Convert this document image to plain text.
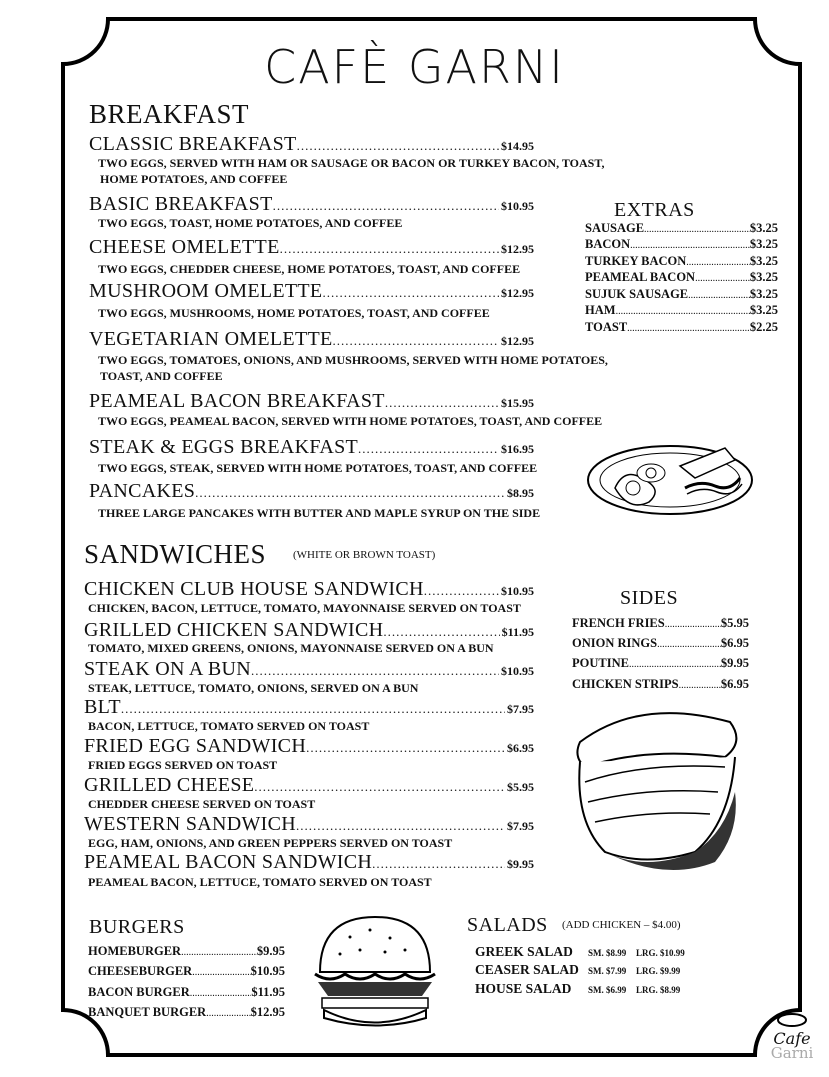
CAFÈ GARNI
BREAKFAST
CLASSIC BREAKFAST .....	$14.95
TWO EGGS, SERVED WITH HAM OR SAUSAGE OR BACON OR TURKEY BACON, TOAST,
HOME POTATOES, AND COFFEE
BASIC BREAKFAST .....	$10.95
TWO EGGS, TOAST, HOME POTATOES, AND COFFEE
CHEESE OMELETTE .....	$12.95
TWO EGGS, CHEDDER CHEESE, HOME POTATOES, TOAST, AND COFFEE
MUSHROOM OMELETTE .....	$12.95
TWO EGGS, MUSHROOMS, HOME POTATOES, TOAST, AND COFFEE
VEGETARIAN OMELETTE .....	$12.95
TWO EGGS, TOMATOES, ONIONS, AND MUSHROOMS, SERVED WITH HOME POTATOES,
TOAST, AND COFFEE
PEAMEAL BACON BREAKFAST .....	$15.95
TWO EGGS, PEAMEAL BACON, SERVED WITH HOME POTATOES, TOAST, AND COFFEE
STEAK & EGGS BREAKFAST .....	$16.95
TWO EGGS, STEAK, SERVED WITH HOME POTATOES, TOAST, AND COFFEE
PANCAKES .....	$8.95
THREE LARGE PANCAKES WITH BUTTER AND MAPLE SYRUP ON THE SIDE
EXTRAS
SAUSAGE .....	$3.25
BACON .....	$3.25
TURKEY BACON .....	$3.25
PEAMEAL BACON .....	$3.25
SUJUK SAUSAGE .....	$3.25
HAM .....	$3.25
TOAST .....	$2.25
SANDWICHES (WHITE OR BROWN TOAST)
CHICKEN CLUB HOUSE SANDWICH .....	$10.95
CHICKEN, BACON, LETTUCE, TOMATO, MAYONNAISE SERVED ON TOAST
GRILLED CHICKEN SANDWICH .....	$11.95
TOMATO, MIXED GREENS, ONIONS, MAYONNAISE SERVED ON A BUN
STEAK ON A BUN .....	$10.95
STEAK, LETTUCE, TOMATO, ONIONS, SERVED ON A BUN
BLT .....	$7.95
BACON, LETTUCE, TOMATO SERVED ON TOAST
FRIED EGG SANDWICH .....	$6.95
FRIED EGGS SERVED ON TOAST
GRILLED CHEESE .....	$5.95
CHEDDER CHEESE SERVED ON TOAST
WESTERN SANDWICH .....	$7.95
EGG, HAM, ONIONS, AND GREEN PEPPERS SERVED ON TOAST
PEAMEAL BACON SANDWICH .....	$9.95
PEAMEAL BACON, LETTUCE, TOMATO SERVED ON TOAST
SIDES
FRENCH FRIES .....	$5.95
ONION RINGS .....	$6.95
POUTINE .....	$9.95
CHICKEN STRIPS .....	$6.95
BURGERS
HOMEBURGER .....	$9.95
CHEESEBURGER .....	$10.95
BACON BURGER .....	$11.95
BANQUET BURGER .....	$12.95
SALADS (ADD CHICKEN – $4.00)
GREEK SALAD SM. $8.99 LRG. $10.99
CEASER SALAD SM. $7.99 LRG. $9.99
HOUSE SALAD SM. $6.99 LRG. $8.99
Cafe
Garni
